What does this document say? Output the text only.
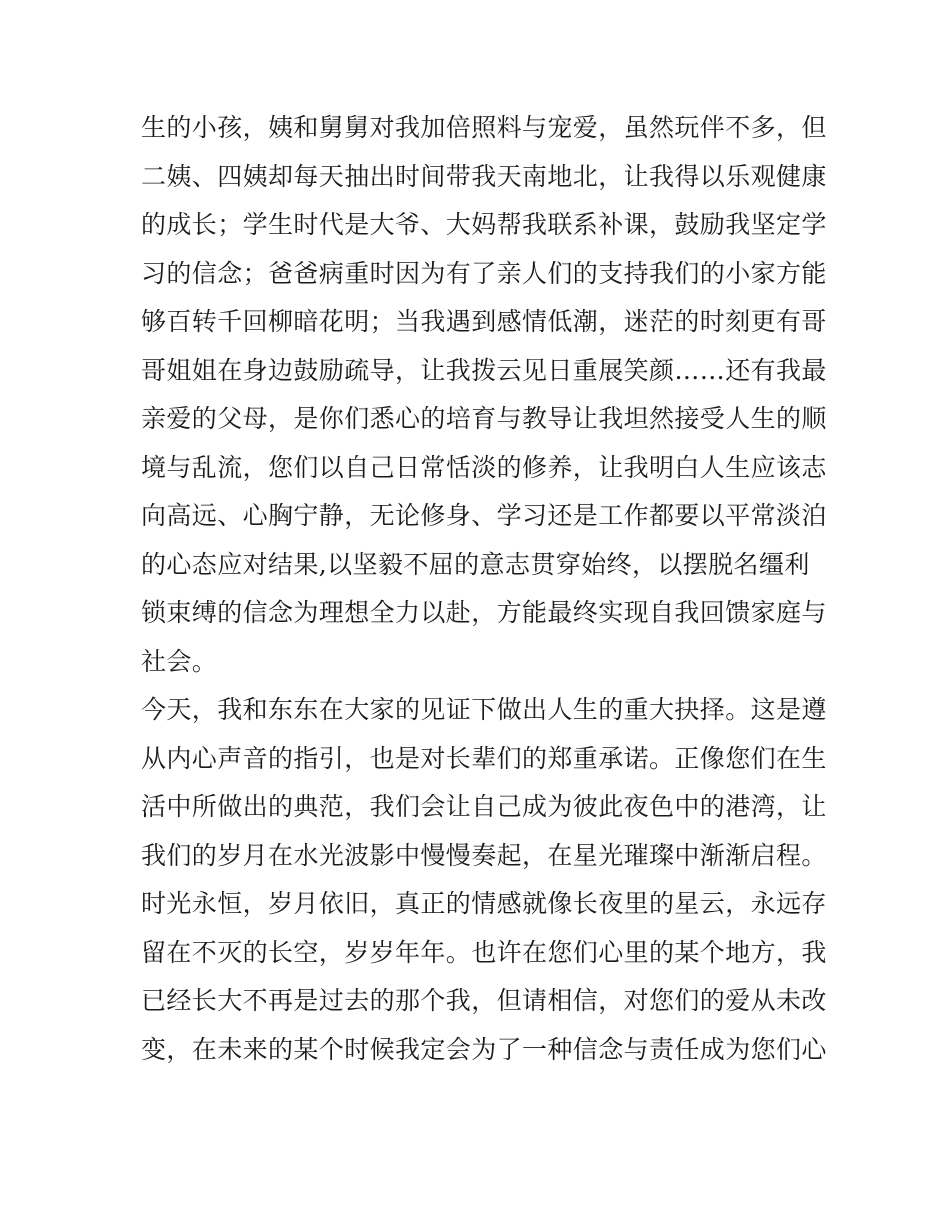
生的小孩，姨和舅舅对我加倍照料与宠爱，虽然玩伴不多，但
二姨、四姨却每天抽出时间带我天南地北，让我得以乐观健康
的成长；学生时代是大爷、大妈帮我联系补课，鼓励我坚定学
习的信念；爸爸病重时因为有了亲人们的支持我们的小家方能
够百转千回柳暗花明；当我遇到感情低潮，迷茫的时刻更有哥
哥姐姐在身边鼓励疏导，让我拨云见日重展笑颜……还有我最
亲爱的父母，是你们悉心的培育与教导让我坦然接受人生的顺
境与乱流，您们以自己日常恬淡的修养，让我明白人生应该志
向高远、心胸宁静，无论修身、学习还是工作都要以平常淡泊
的心态应对结果,以坚毅不屈的意志贯穿始终，以摆脱名缰利
锁束缚的信念为理想全力以赴，方能最终实现自我回馈家庭与
社会。
今天，我和东东在大家的见证下做出人生的重大抉择。这是遵
从内心声音的指引，也是对长辈们的郑重承诺。正像您们在生
活中所做出的典范，我们会让自己成为彼此夜色中的港湾，让
我们的岁月在水光波影中慢慢奏起，在星光璀璨中渐渐启程。
时光永恒，岁月依旧，真正的情感就像长夜里的星云，永远存
留在不灭的长空，岁岁年年。也许在您们心里的某个地方，我
已经长大不再是过去的那个我，但请相信，对您们的爱从未改
变，在未来的某个时候我定会为了一种信念与责任成为您们心
